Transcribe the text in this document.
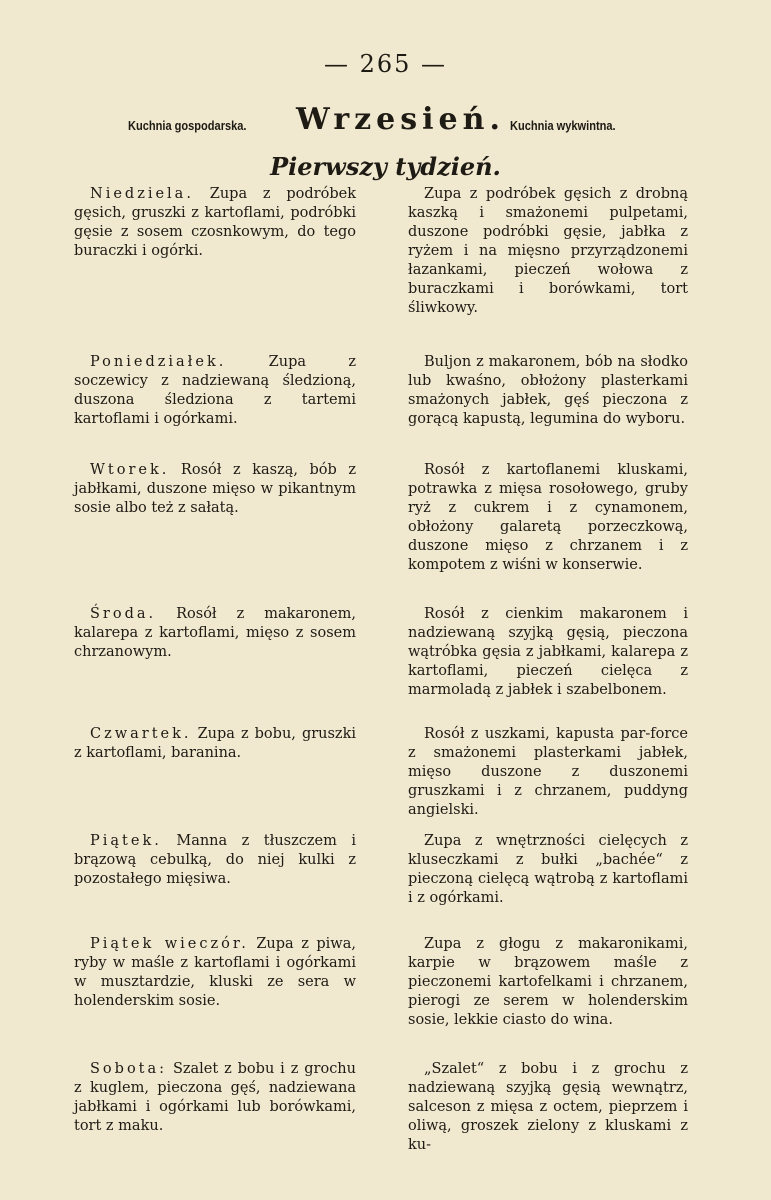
— 265 —
Kuchnia gospodarska. Wrzesień. Kuchnia wykwintna.
Pierwszy tydzień.

Niedziela. Zupa z podróbek gęsich, gruszki z kartoflami, podróbki gęsie z sosem czosnkowym, do tego buraczki i ogórki.

Poniedziałek. Zupa z soczewicy z nadziewaną śledzioną, duszona śledziona z tartemi kartoflami i ogórkami.

Wtorek. Rosół z kaszą, bób z jabłkami, duszone mięso w pikantnym sosie albo też z sałatą.

Środa. Rosół z makaronem, kalarepa z kartoflami, mięso z sosem chrzanowym.

Czwartek. Zupa z bobu, gruszki z kartoflami, baranina.

Piątek. Manna z tłuszczem i brązową cebulką, do niej kulki z pozostałego mięsiwa.

Piątek wieczór. Zupa z piwa, ryby w maśle z kartoflami i ogórkami w musztardzie, kluski ze sera w holenderskim sosie.

Sobota: Szalet z bobu i z grochu z kuglem, pieczona gęś, nadziewana jabłkami i ogórkami lub borówkami, tort z maku.

Zupa z podróbek gęsich z drobną kaszką i smażonemi pulpetami, duszone podróbki gęsie, jabłka z ryżem i na mięsno przyrządzonemi łazankami, pieczeń wołowa z buraczkami i borówkami, tort śliwkowy.

Buljon z makaronem, bób na słodko lub kwaśno, obłożony plasterkami smażonych jabłek, gęś pieczona z gorącą kapustą, legumina do wyboru.

Rosół z kartoflanemi kluskami, potrawka z mięsa rosołowego, gruby ryż z cukrem i z cynamonem, obłożony galaretą porzeczkową, duszone mięso z chrzanem i z kompotem z wiśni w konserwie.

Rosół z cienkim makaronem i nadziewaną szyjką gęsią, pieczona wątróbka gęsia z jabłkami, kalarepa z kartoflami, pieczeń cielęca z marmoladą z jabłek i szabelbonem.

Rosół z uszkami, kapusta par-force z smażonemi plasterkami jabłek, mięso duszone z duszonemi gruszkami i z chrzanem, puddyng angielski.

Zupa z wnętrzności cielęcych z kluseczkami z bułki „bachée“ z pieczoną cielęcą wątrobą z kartoflami i z ogórkami.

Zupa z głogu z makaronikami, karpie w brązowem maśle z pieczonemi kartofelkami i chrzanem, pierogi ze serem w holenderskim sosie, lekkie ciasto do wina.

„Szalet“ z bobu i z grochu z nadziewaną szyjką gęsią wewnątrz, salceson z mięsa z octem, pieprzem i oliwą, groszek zielony z kluskami z ku-
